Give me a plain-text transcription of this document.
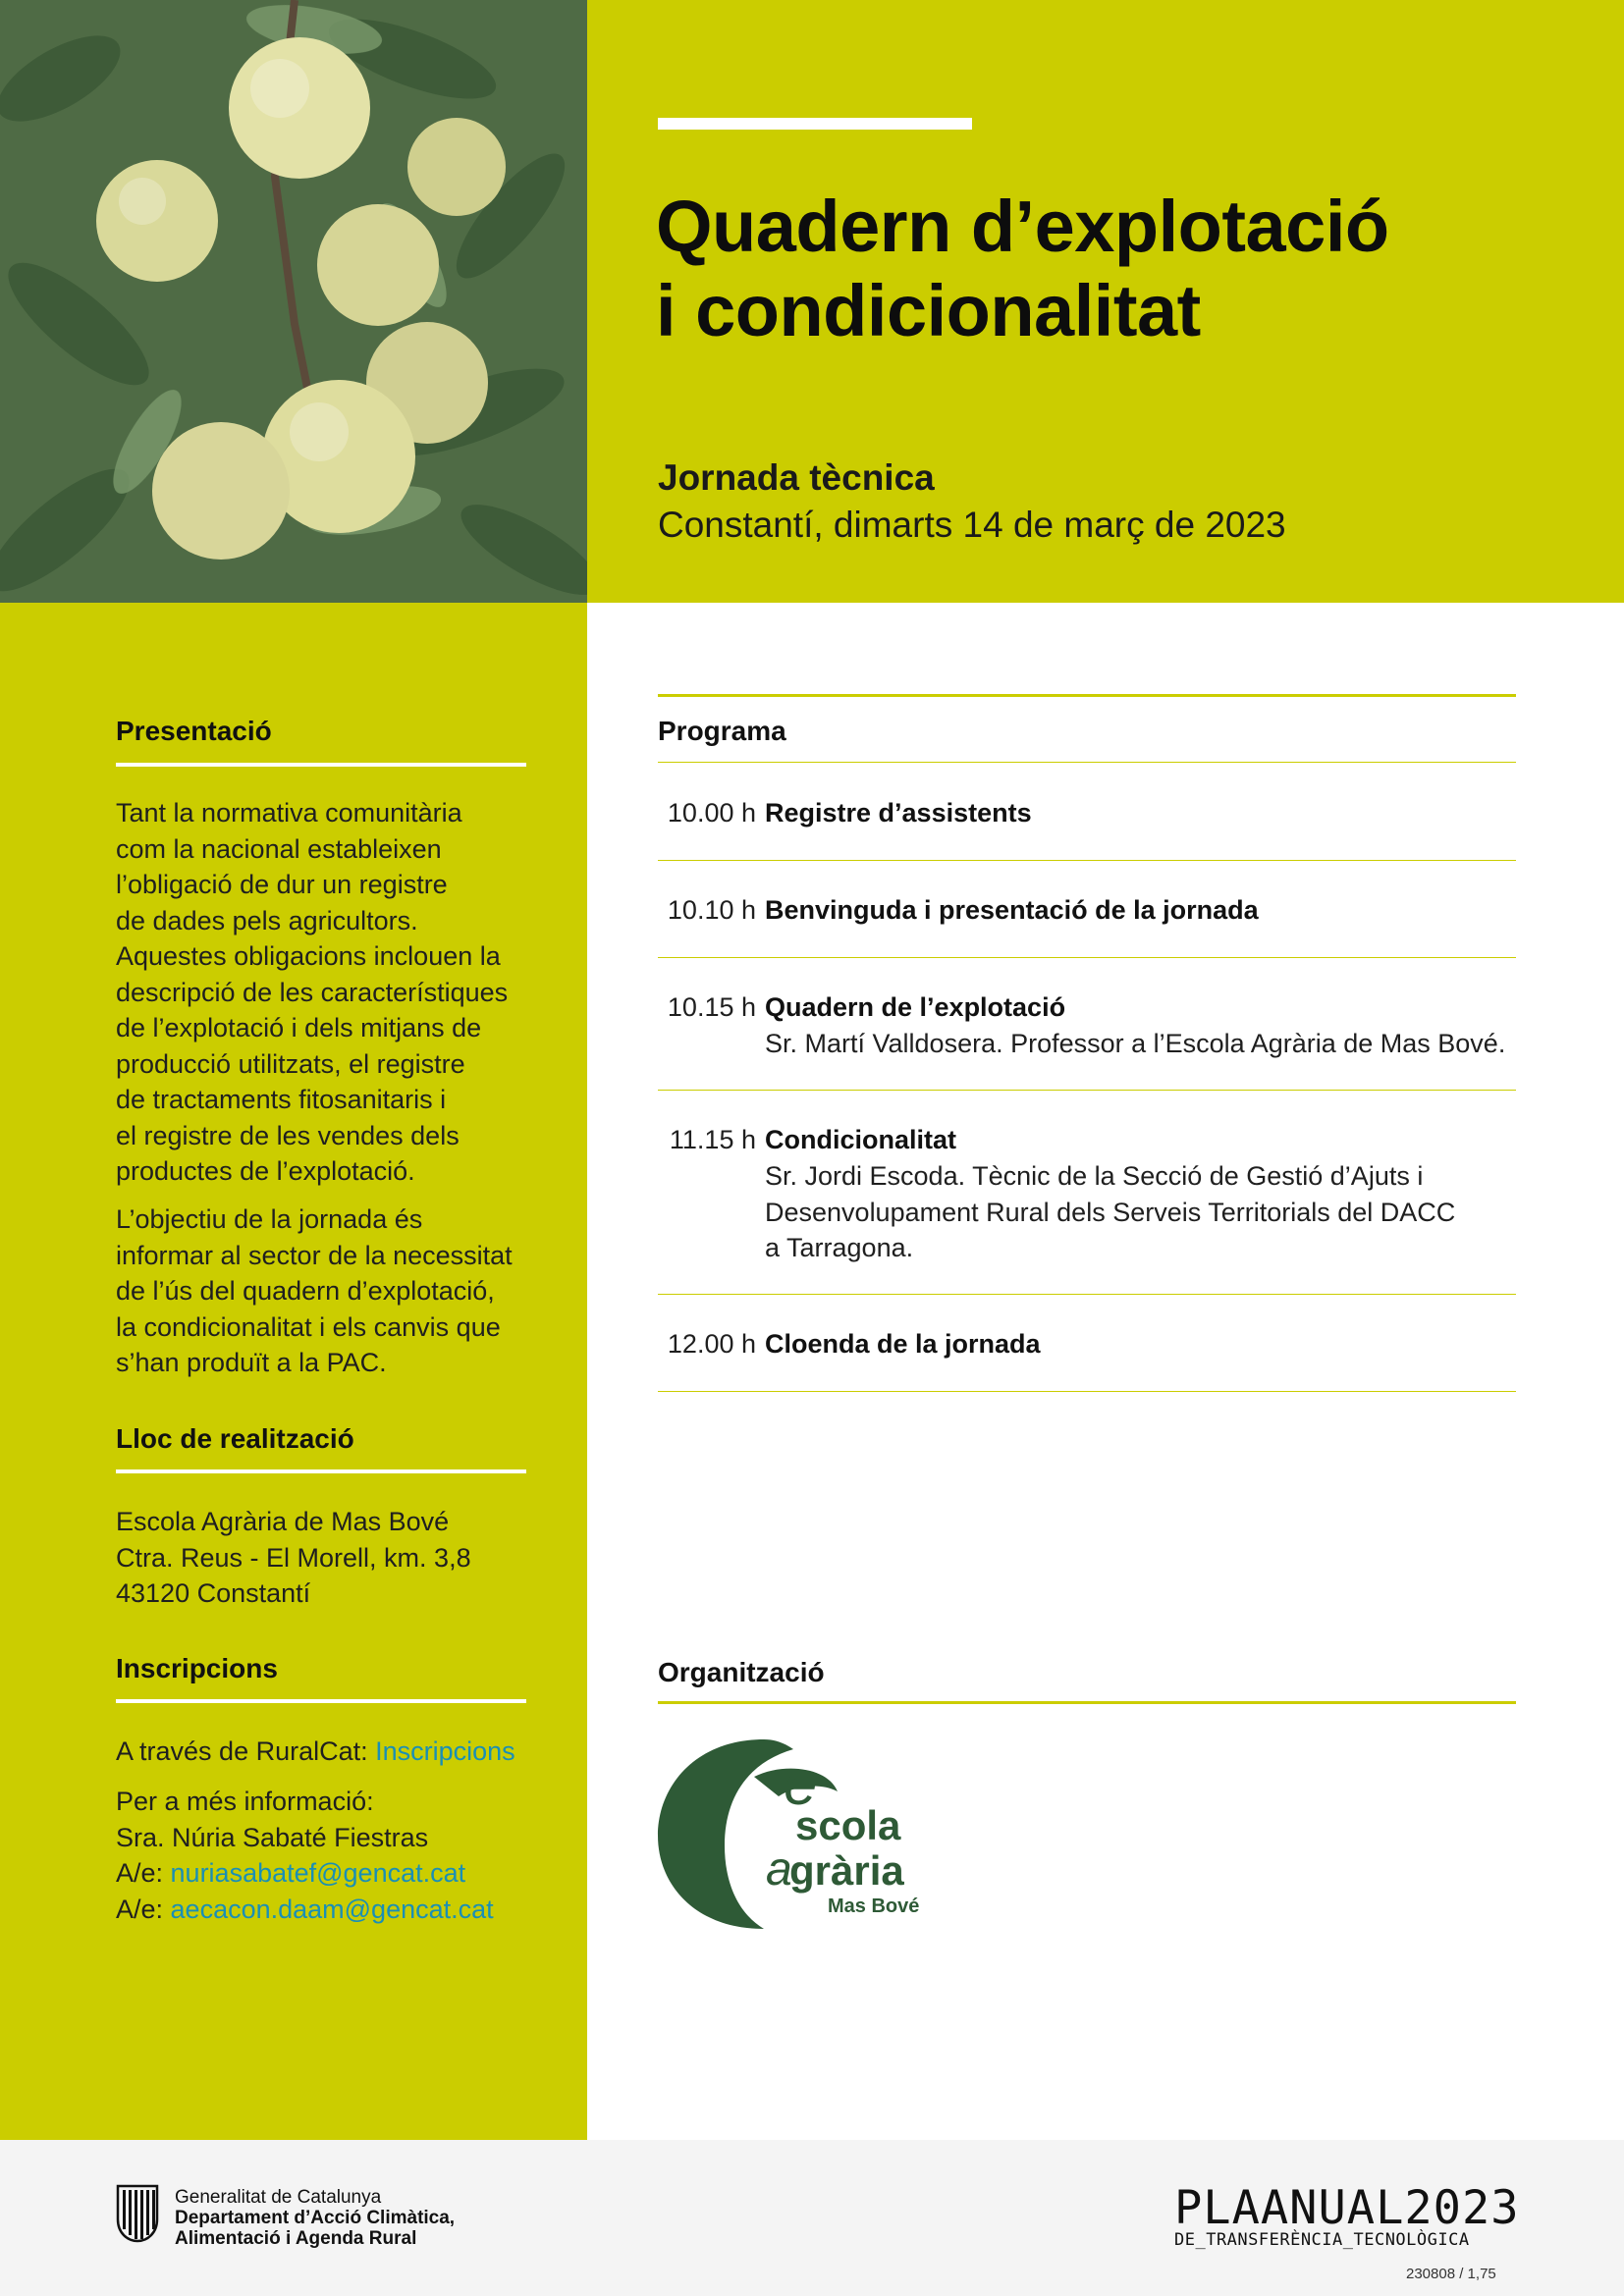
Quadern d’explotació
i condicionalitat
Jornada tècnica
Constantí, dimarts 14 de març de 2023
Presentació
Tant la normativa comunitària
com la nacional estableixen
l’obligació de dur un registre
de dades pels agricultors.
Aquestes obligacions inclouen la
descripció de les característiques
de l’explotació i dels mitjans de
producció utilitzats, el registre
de tractaments fitosanitaris i
el registre de les vendes dels
productes de l’explotació.
L’objectiu de la jornada és
informar al sector de la necessitat
de l’ús del quadern d’explotació,
la condicionalitat i els canvis que
s’han produït a la PAC.
Lloc de realització
Escola Agrària de Mas Bové
Ctra. Reus - El Morell, km. 3,8
43120 Constantí
Inscripcions
A través de RuralCat: Inscripcions
Per a més informació:
Sra. Núria Sabaté Fiestras
A/e: nuriasabatef@gencat.cat
A/e: aecacon.daam@gencat.cat
Programa
10.00 h Registre d’assistents
10.10 h Benvinguda i presentació de la jornada
10.15 h Quadern de l’explotació
Sr. Martí Valldosera. Professor a l’Escola Agrària de Mas Bové.
11.15 h Condicionalitat
Sr. Jordi Escoda. Tècnic de la Secció de Gestió d’Ajuts i
Desenvolupament Rural dels Serveis Territorials del DACC
a Tarragona.
12.00 h Cloenda de la jornada
Organització
e
scola
a
grària
Mas Bové
Generalitat de Catalunya
Departament d’Acció Climàtica,
Alimentació i Agenda Rural
PLAANUAL2023
DE_TRANSFERÈNCIA_TECNOLÒGICA
230808 / 1,75
